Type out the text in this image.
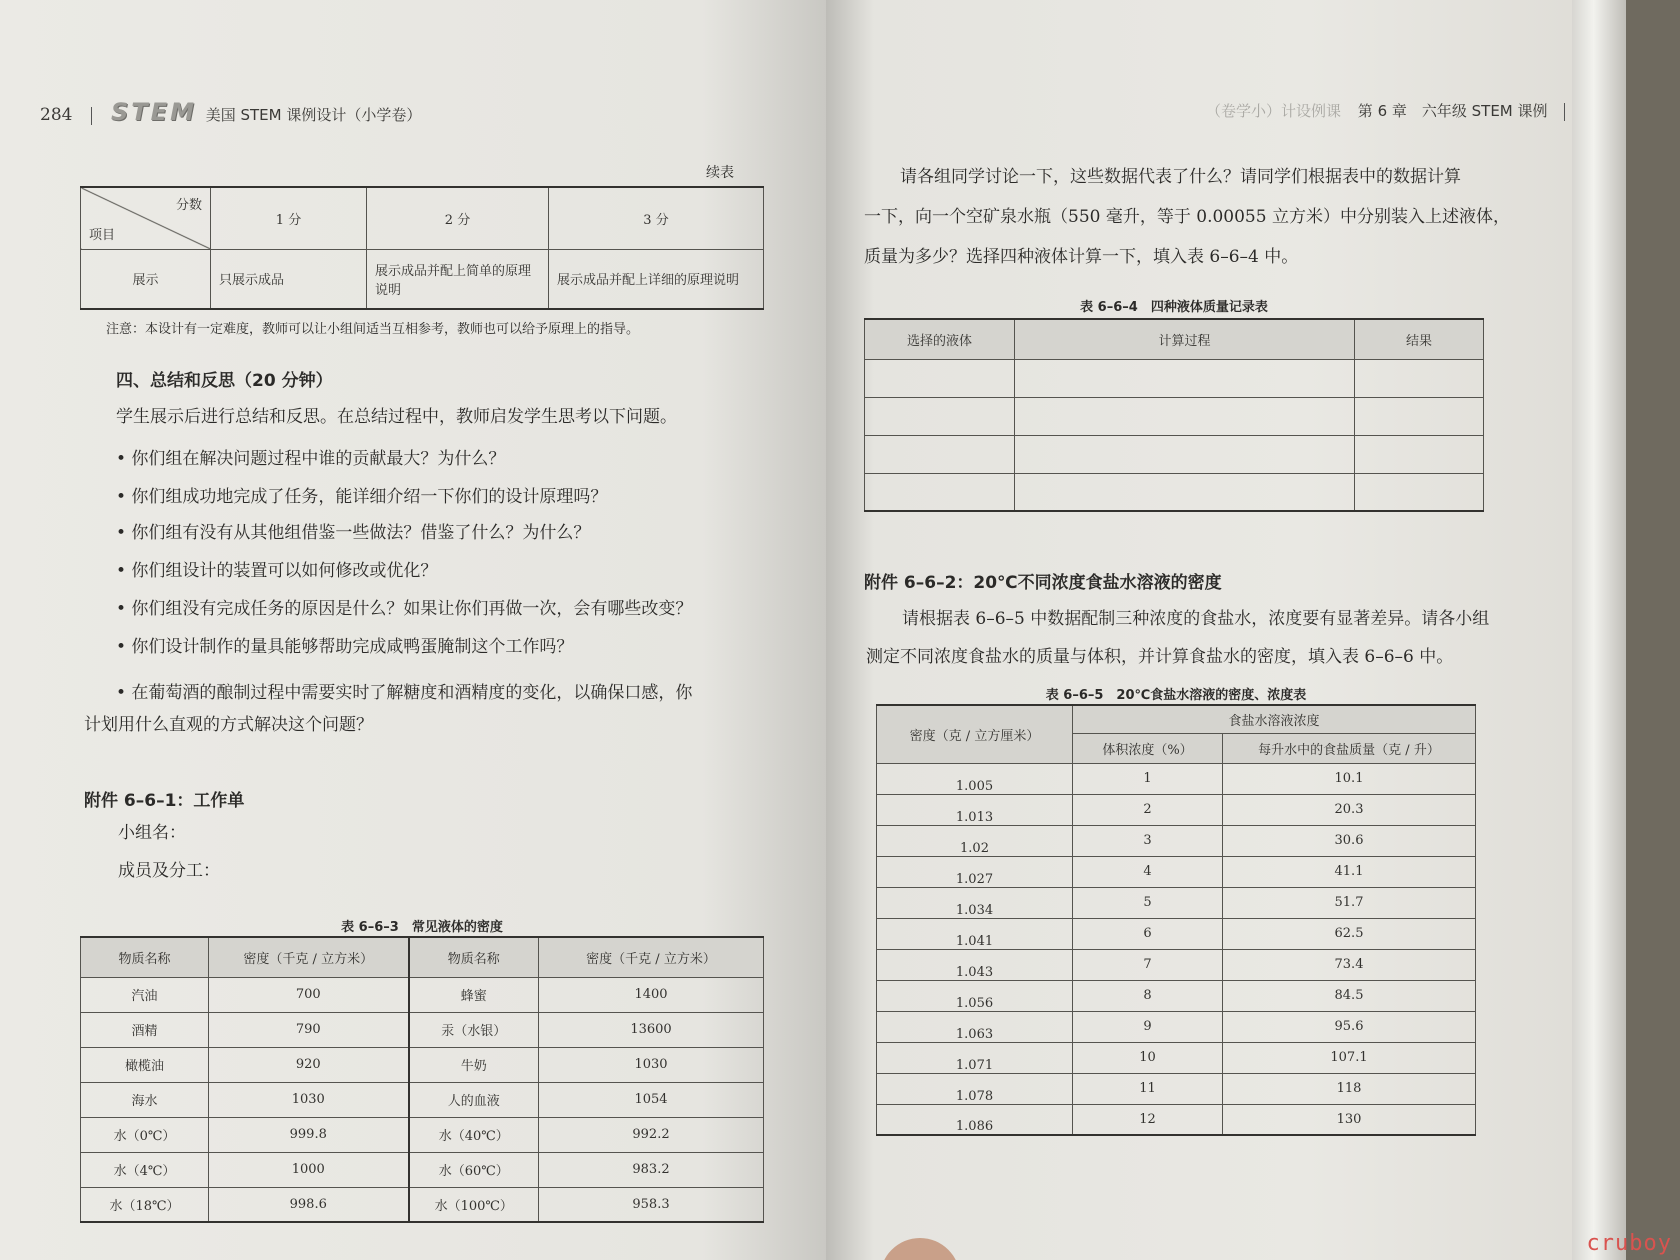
284 STEM 美国 STEM 课例设计（小学卷）
续表
分数
项目	1 分	2 分	3 分
展示	只展示成品	展示成品并配上简单的原理说明	展示成品并配上详细的原理说明
注意：本设计有一定难度，教师可以让小组间适当互相参考，教师也可以给予原理上的指导。
四、总结和反思（20 分钟）
学生展示后进行总结和反思。在总结过程中，教师启发学生思考以下问题。
• 你们组在解决问题过程中谁的贡献最大？为什么？
• 你们组成功地完成了任务，能详细介绍一下你们的设计原理吗？
• 你们组有没有从其他组借鉴一些做法？借鉴了什么？为什么？
• 你们组设计的装置可以如何修改或优化？
• 你们组没有完成任务的原因是什么？如果让你们再做一次，会有哪些改变？
• 你们设计制作的量具能够帮助完成咸鸭蛋腌制这个工作吗？
• 在葡萄酒的酿制过程中需要实时了解糖度和酒精度的变化，以确保口感，你
计划用什么直观的方式解决这个问题？
附件 6–6–1：工作单
小组名：
成员及分工：
表 6–6–3　常见液体的密度
物质名称	密度（千克 / 立方米）	物质名称	密度（千克 / 立方米）
汽油	700	蜂蜜	1400
酒精	790	汞（水银）	13600
橄榄油	920	牛奶	1030
海水	1030	人的血液	1054
水（0℃）	999.8	水（40℃）	992.2
水（4℃）	1000	水（60℃）	983.2
水（18℃）	998.6	水（100℃）	958.3
（卷学小）计设例课 第 6 章　六年级 STEM 课例
请各组同学讨论一下，这些数据代表了什么？请同学们根据表中的数据计算
一下，向一个空矿泉水瓶（550 毫升，等于 0.00055 立方米）中分别装入上述液体，
质量为多少？选择四种液体计算一下，填入表 6–6–4 中。
表 6–6–4　四种液体质量记录表
选择的液体	计算过程	结果

附件 6–6–2：20℃不同浓度食盐水溶液的密度
请根据表 6–6–5 中数据配制三种浓度的食盐水，浓度要有显著差异。请各小组
测定不同浓度食盐水的质量与体积，并计算食盐水的密度，填入表 6–6–6 中。
表 6–6–5　20℃食盐水溶液的密度、浓度表
密度（克 / 立方厘米）	食盐水溶液浓度	
	体积浓度（%）	每升水中的食盐质量（克 / 升）
1.005	1	10.1
1.013	2	20.3
1.02	3	30.6
1.027	4	41.1
1.034	5	51.7
1.041	6	62.5
1.043	7	73.4
1.056	8	84.5
1.063	9	95.6
1.071	10	107.1
1.078	11	118
1.086	12	130
cruboy
